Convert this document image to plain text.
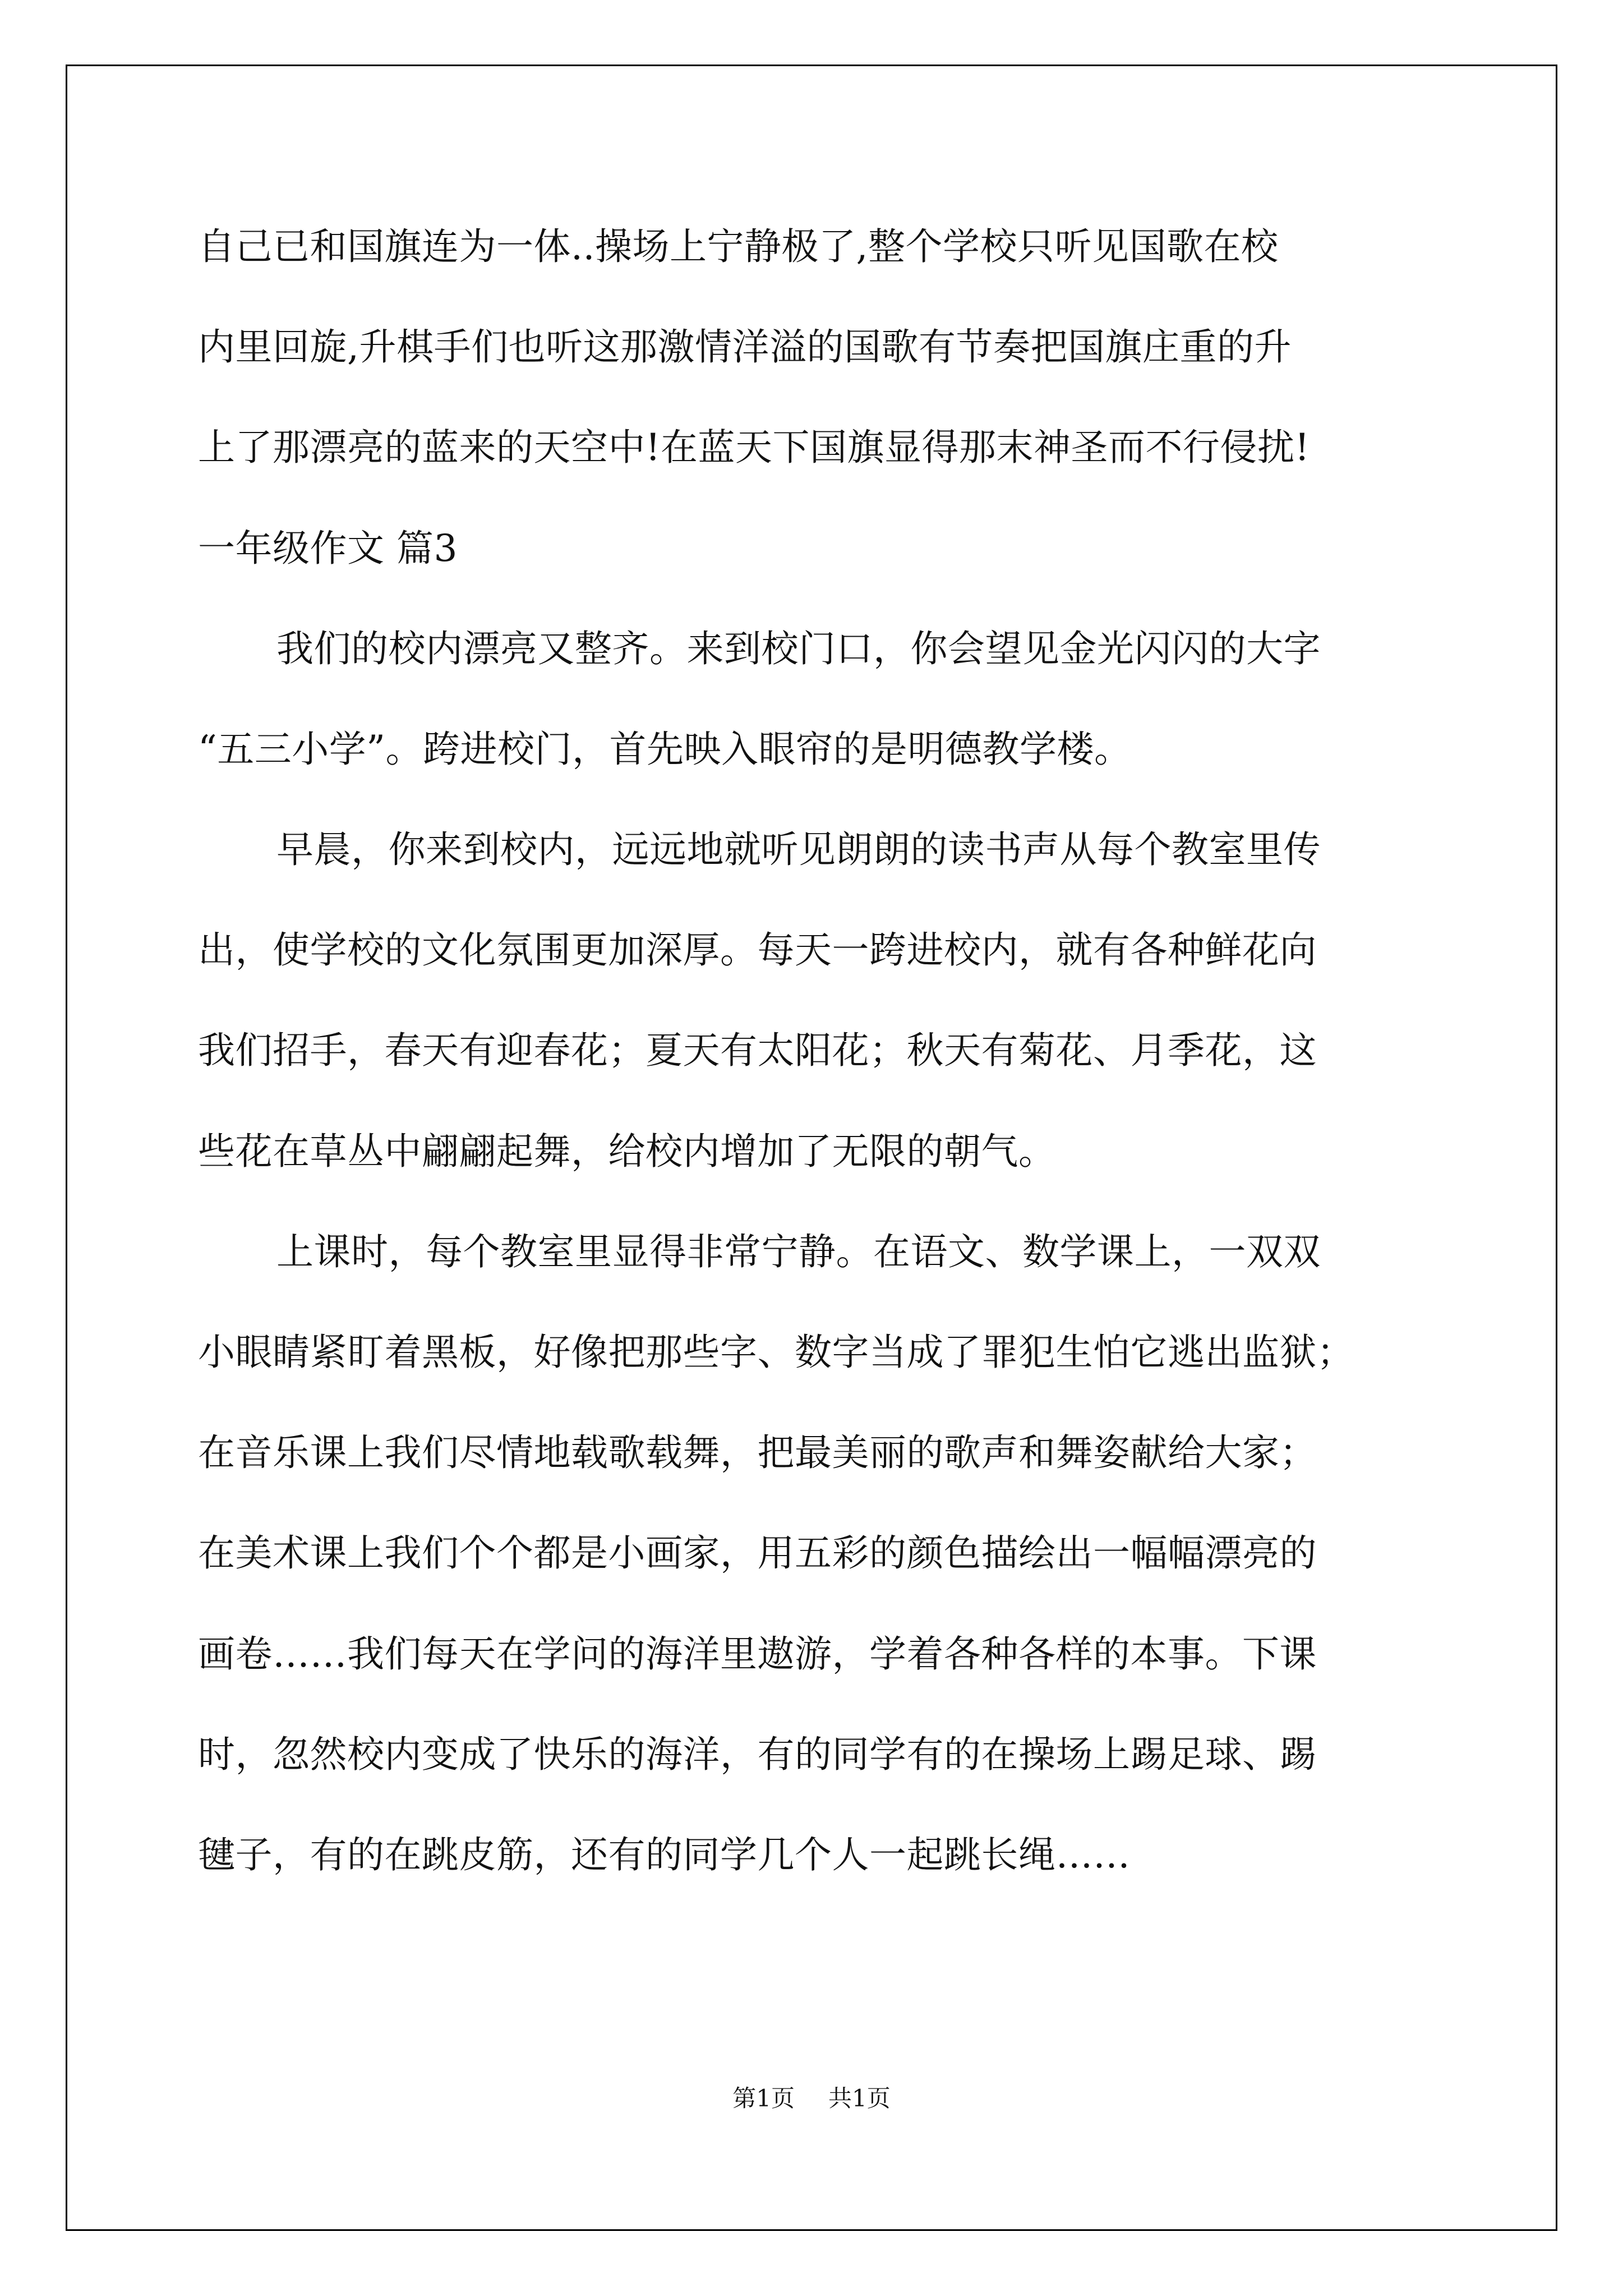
自己已和国旗连为一体..操场上宁静极了,整个学校只听见国歌在校

内里回旋,升棋手们也听这那激情洋溢的国歌有节奏把国旗庄重的升

上了那漂亮的蓝来的天空中!在蓝天下国旗显得那末神圣而不行侵扰!

一年级作文 篇3

我们的校内漂亮又整齐。来到校门口，你会望见金光闪闪的大字

“五三小学”。跨进校门，首先映入眼帘的是明德教学楼。

早晨，你来到校内，远远地就听见朗朗的读书声从每个教室里传

出，使学校的文化氛围更加深厚。每天一跨进校内，就有各种鲜花向

我们招手，春天有迎春花；夏天有太阳花；秋天有菊花、月季花，这

些花在草丛中翩翩起舞，给校内增加了无限的朝气。

上课时，每个教室里显得非常宁静。在语文、数学课上，一双双

小眼睛紧盯着黑板，好像把那些字、数字当成了罪犯生怕它逃出监狱；

在音乐课上我们尽情地载歌载舞，把最美丽的歌声和舞姿献给大家；

在美术课上我们个个都是小画家，用五彩的颜色描绘出一幅幅漂亮的

画卷……我们每天在学问的海洋里遨游，学着各种各样的本事。下课

时，忽然校内变成了快乐的海洋，有的同学有的在操场上踢足球、踢

毽子，有的在跳皮筋，还有的同学几个人一起跳长绳……

第1页 共1页
